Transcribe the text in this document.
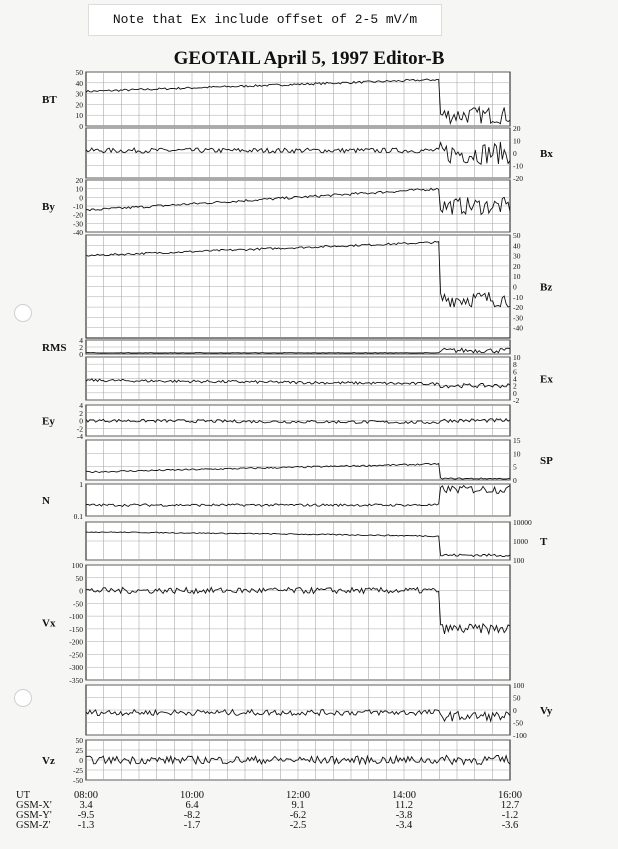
Note that Ex include offset of 2-5 mV/m
GEOTAIL April 5, 1997 Editor-B
50
40
30
20
10
0
BT
20
10
0
-10
-20
Bx
20
10
0
-10
-20
-30
-40
By
50
40
30
20
10
0
-10
-20
-30
-40
Bz
4
2
0
RMS
10
8
6
4
2
0
-2
Ex
4
2
0
-2
-4
Ey
15
10
5
0
SP
1
0.1
N
10000
1000
100
T
100
50
0
-50
-100
-150
-200
-250
-300
-350
Vx
100
50
0
-50
-100
Vy
50
25
0
-25
-50
Vz
UT	08:00	10:00	12:00	14:00	16:00
GSM-X'	3.4	6.4	9.1	11.2	12.7
GSM-Y' -9.5	-8.2	-6.2	-3.8	-1.2
GSM-Z'	-1.3	-1.7	-2.5	-3.4	-3.6
